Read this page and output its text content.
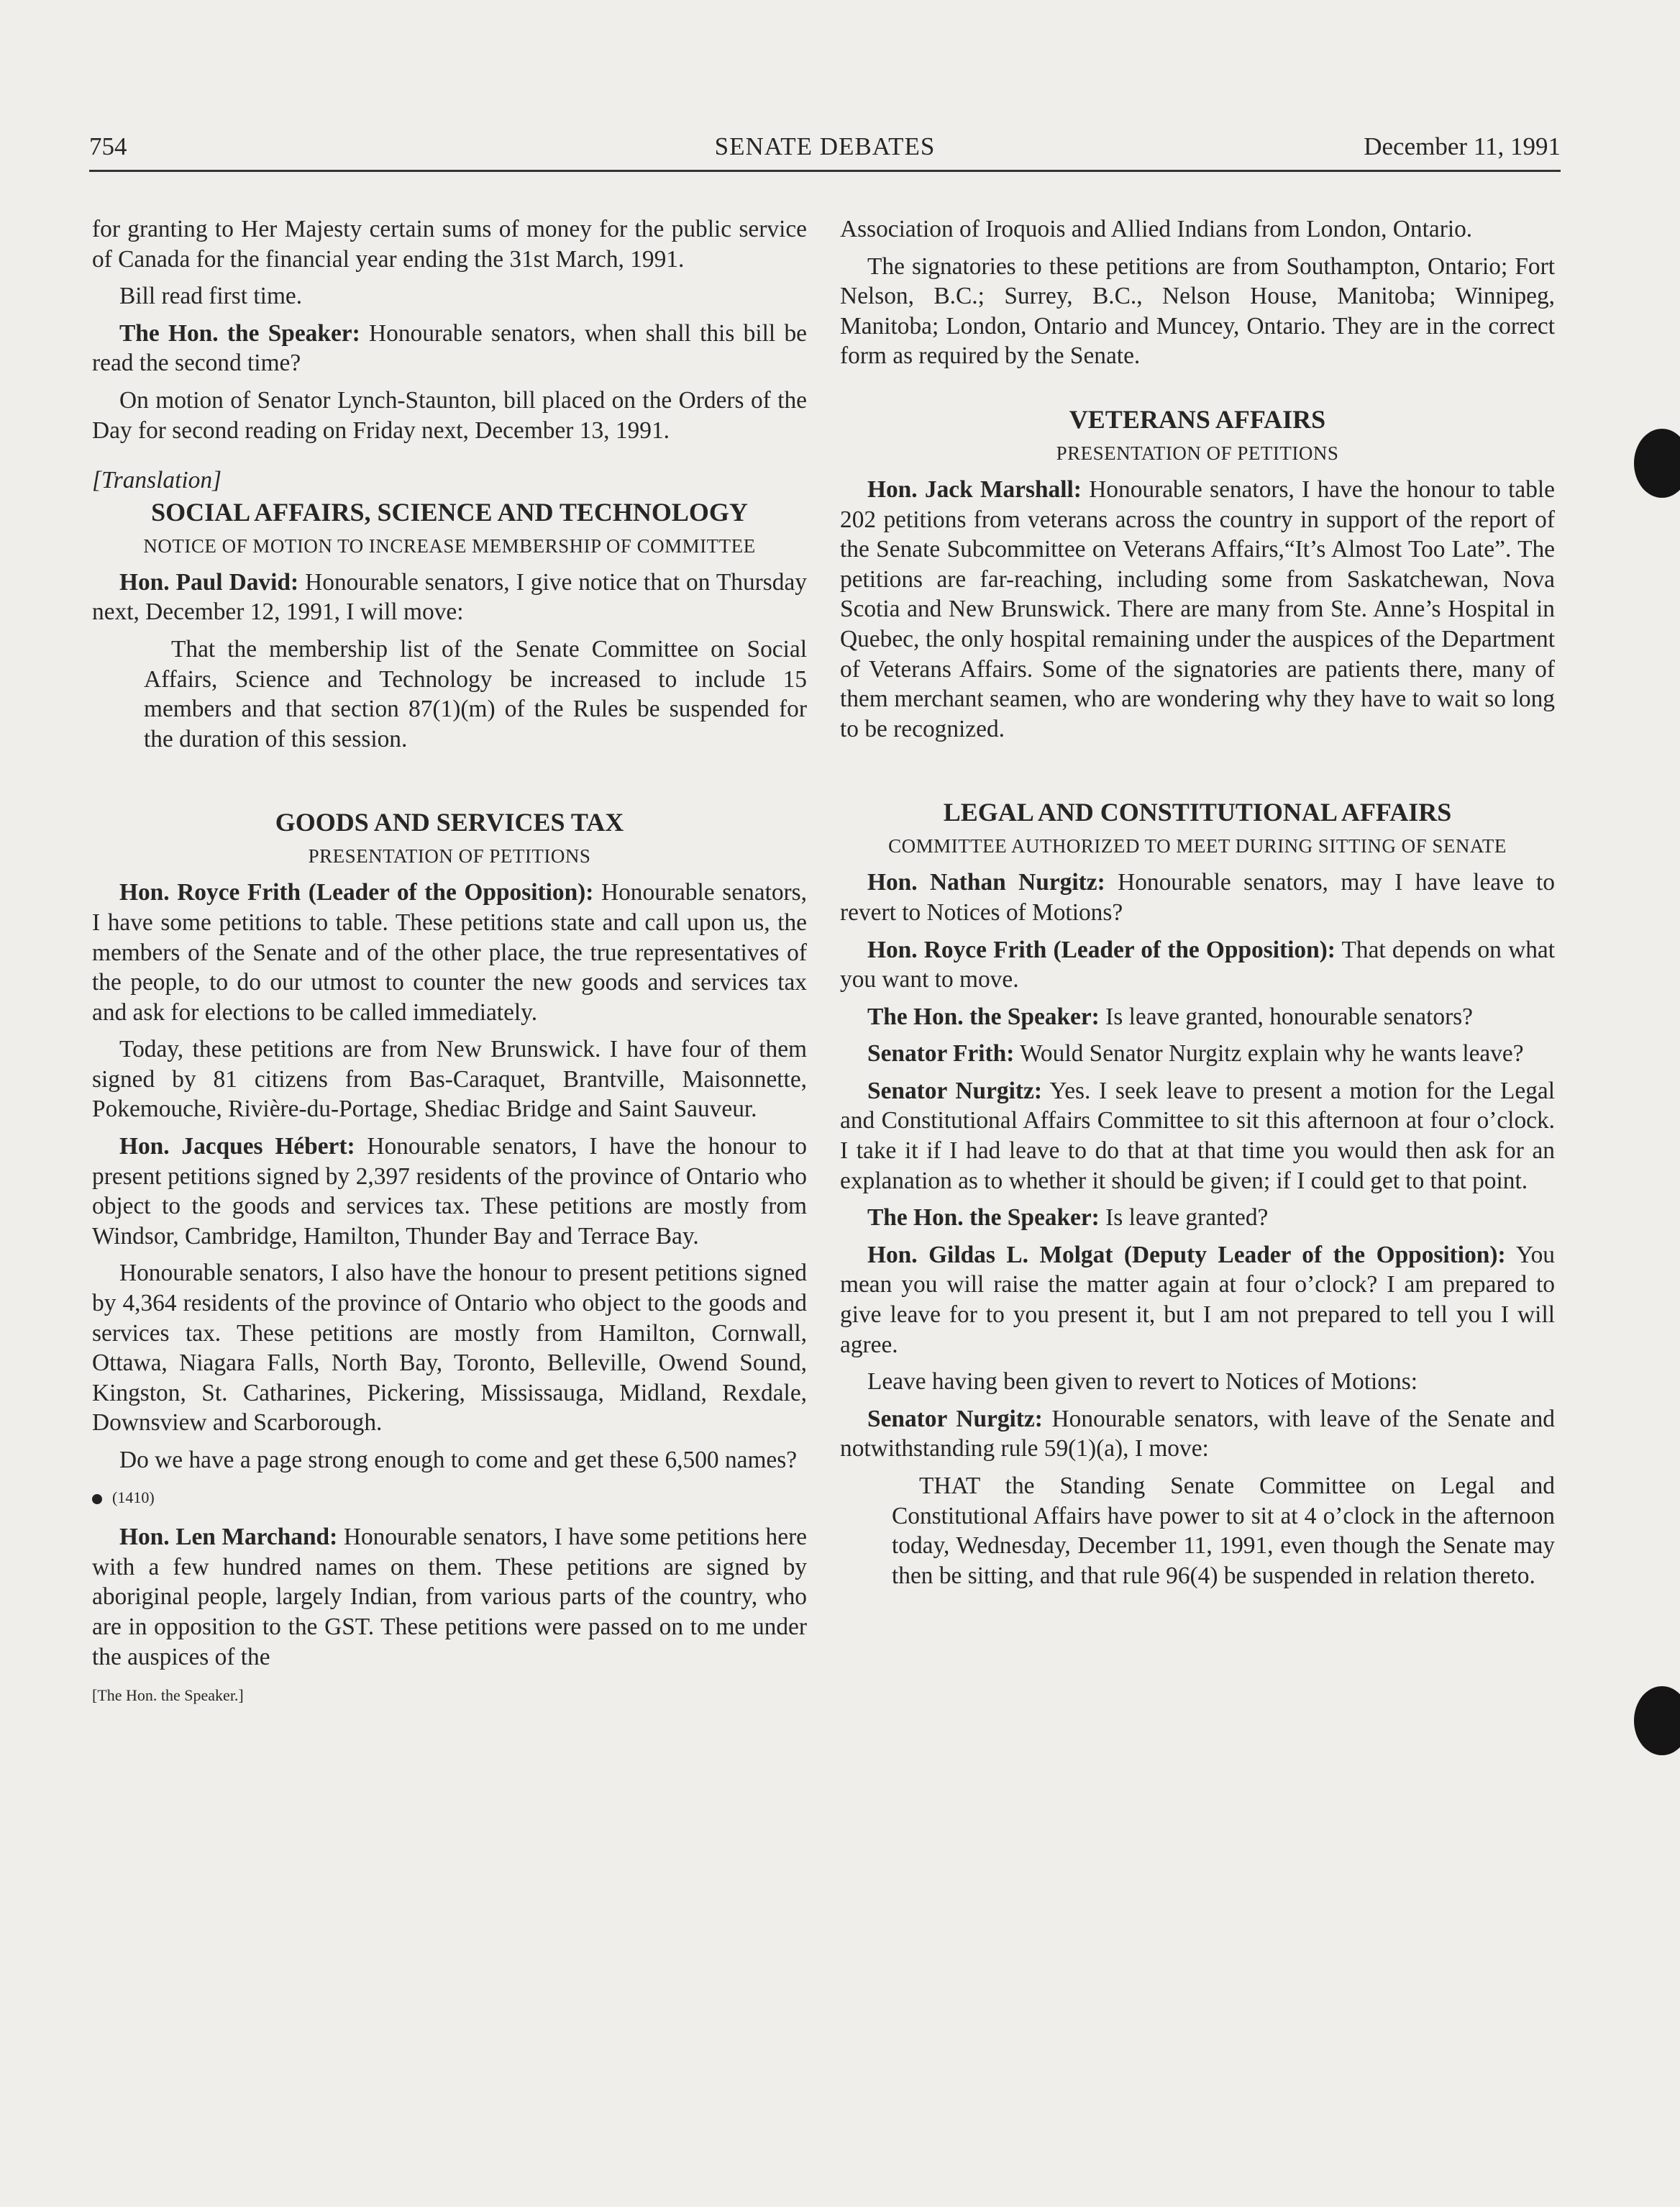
754	SENATE DEBATES	December 11, 1991

for granting to Her Majesty certain sums of money for the public service of Canada for the financial year ending the 31st March, 1991.

Bill read first time.

The Hon. the Speaker: Honourable senators, when shall this bill be read the second time?

On motion of Senator Lynch-Staunton, bill placed on the Orders of the Day for second reading on Friday next, December 13, 1991.

[Translation]

SOCIAL AFFAIRS, SCIENCE AND TECHNOLOGY
NOTICE OF MOTION TO INCREASE MEMBERSHIP OF COMMITTEE

Hon. Paul David: Honourable senators, I give notice that on Thursday next, December 12, 1991, I will move:

That the membership list of the Senate Committee on Social Affairs, Science and Technology be increased to include 15 members and that section 87(1)(m) of the Rules be suspended for the duration of this session.

GOODS AND SERVICES TAX
PRESENTATION OF PETITIONS

Hon. Royce Frith (Leader of the Opposition): Honourable senators, I have some petitions to table. These petitions state and call upon us, the members of the Senate and of the other place, the true representatives of the people, to do our utmost to counter the new goods and services tax and ask for elections to be called immediately.

Today, these petitions are from New Brunswick. I have four of them signed by 81 citizens from Bas-Caraquet, Brantville, Maisonnette, Pokemouche, Rivière-du-Portage, Shediac Bridge and Saint Sauveur.

Hon. Jacques Hébert: Honourable senators, I have the honour to present petitions signed by 2,397 residents of the province of Ontario who object to the goods and services tax. These petitions are mostly from Windsor, Cambridge, Hamilton, Thunder Bay and Terrace Bay.

Honourable senators, I also have the honour to present petitions signed by 4,364 residents of the province of Ontario who object to the goods and services tax. These petitions are mostly from Hamilton, Cornwall, Ottawa, Niagara Falls, North Bay, Toronto, Belleville, Owend Sound, Kingston, St. Catharines, Pickering, Mississauga, Midland, Rexdale, Downsview and Scarborough.

Do we have a page strong enough to come and get these 6,500 names?

(1410)

Hon. Len Marchand: Honourable senators, I have some petitions here with a few hundred names on them. These petitions are signed by aboriginal people, largely Indian, from various parts of the country, who are in opposition to the GST. These petitions were passed on to me under the auspices of the

[The Hon. the Speaker.]

Association of Iroquois and Allied Indians from London, Ontario.

The signatories to these petitions are from Southampton, Ontario; Fort Nelson, B.C.; Surrey, B.C., Nelson House, Manitoba; Winnipeg, Manitoba; London, Ontario and Muncey, Ontario. They are in the correct form as required by the Senate.

VETERANS AFFAIRS
PRESENTATION OF PETITIONS

Hon. Jack Marshall: Honourable senators, I have the honour to table 202 petitions from veterans across the country in support of the report of the Senate Subcommittee on Veterans Affairs,“It’s Almost Too Late”. The petitions are far-reaching, including some from Saskatchewan, Nova Scotia and New Brunswick. There are many from Ste. Anne’s Hospital in Quebec, the only hospital remaining under the auspices of the Department of Veterans Affairs. Some of the signatories are patients there, many of them merchant seamen, who are wondering why they have to wait so long to be recognized.

LEGAL AND CONSTITUTIONAL AFFAIRS
COMMITTEE AUTHORIZED TO MEET DURING SITTING OF SENATE

Hon. Nathan Nurgitz: Honourable senators, may I have leave to revert to Notices of Motions?

Hon. Royce Frith (Leader of the Opposition): That depends on what you want to move.

The Hon. the Speaker: Is leave granted, honourable senators?

Senator Frith: Would Senator Nurgitz explain why he wants leave?

Senator Nurgitz: Yes. I seek leave to present a motion for the Legal and Constitutional Affairs Committee to sit this afternoon at four o’clock. I take it if I had leave to do that at that time you would then ask for an explanation as to whether it should be given; if I could get to that point.

The Hon. the Speaker: Is leave granted?

Hon. Gildas L. Molgat (Deputy Leader of the Opposition): You mean you will raise the matter again at four o’clock? I am prepared to give leave for to you present it, but I am not prepared to tell you I will agree.

Leave having been given to revert to Notices of Motions:

Senator Nurgitz: Honourable senators, with leave of the Senate and notwithstanding rule 59(1)(a), I move:

THAT the Standing Senate Committee on Legal and Constitutional Affairs have power to sit at 4 o’clock in the afternoon today, Wednesday, December 11, 1991, even though the Senate may then be sitting, and that rule 96(4) be suspended in relation thereto.
